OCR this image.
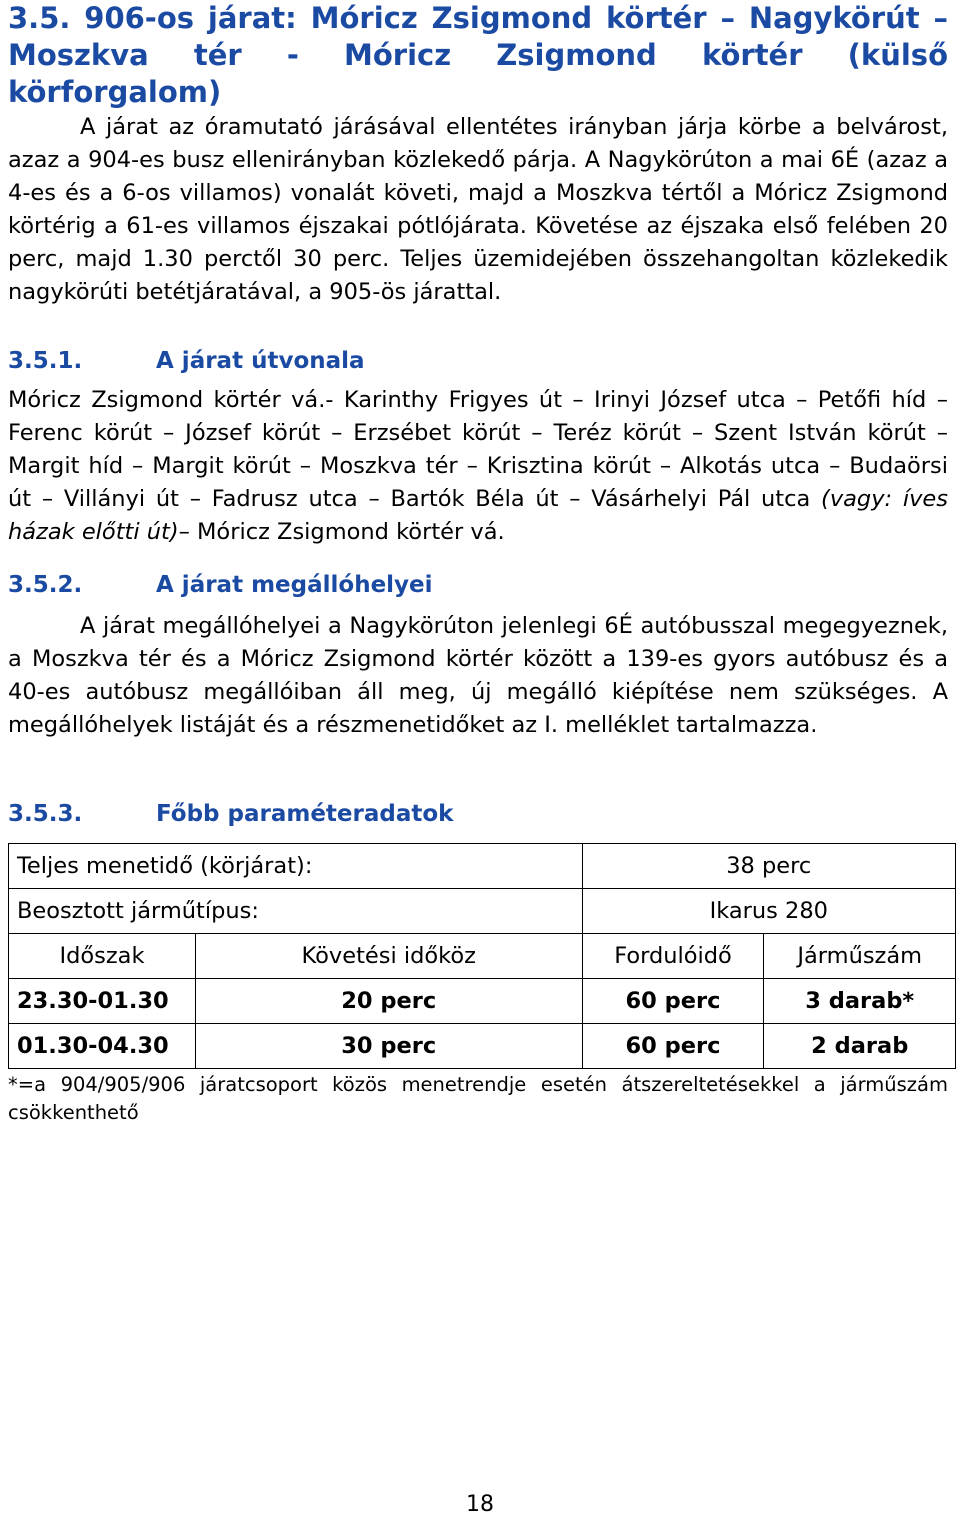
3.5. 906-os járat: Móricz Zsigmond körtér – Nagykörút – Moszkva tér - Móricz Zsigmond körtér (külső körforgalom)

A járat az óramutató járásával ellentétes irányban járja körbe a belvárost, azaz a 904-es busz ellenirányban közlekedő párja. A Nagykörúton a mai 6É (azaz a 4-es és a 6-os villamos) vonalát követi, majd a Moszkva tértől a Móricz Zsigmond körtérig a 61-es villamos éjszakai pótlójárata. Követése az éjszaka első felében 20 perc, majd 1.30 perctől 30 perc. Teljes üzemidejében összehangoltan közlekedik nagykörúti betétjáratával, a 905-ös járattal.

3.5.1.	A járat útvonala

Móricz Zsigmond körtér vá.- Karinthy Frigyes út – Irinyi József utca – Petőfi híd – Ferenc körút – József körút – Erzsébet körút – Teréz körút – Szent István körút – Margit híd – Margit körút – Moszkva tér – Krisztina körút – Alkotás utca – Budaörsi út – Villányi út – Fadrusz utca – Bartók Béla út – Vásárhelyi Pál utca (vagy: íves házak előtti út)– Móricz Zsigmond körtér vá.

3.5.2.	A járat megállóhelyei

A járat megállóhelyei a Nagykörúton jelenlegi 6É autóbusszal megegyeznek, a Moszkva tér és a Móricz Zsigmond körtér között a 139-es gyors autóbusz és a 40-es autóbusz megállóiban áll meg, új megálló kiépítése nem szükséges. A megállóhelyek listáját és a részmenetidőket az I. melléklet tartalmazza.

3.5.3.	Főbb paraméteradatok
Teljes menetidő (körjárat):		38 perc	
Beosztott járműtípus:		Ikarus 280	
Időszak	Követési időköz	Fordulóidő	Járműszám
23.30-01.30	20 perc	60 perc	3 darab*
01.30-04.30	30 perc	60 perc	2 darab

*=a 904/905/906 járatcsoport közös menetrendje esetén átszereltetésekkel a járműszám csökkenthető

18
